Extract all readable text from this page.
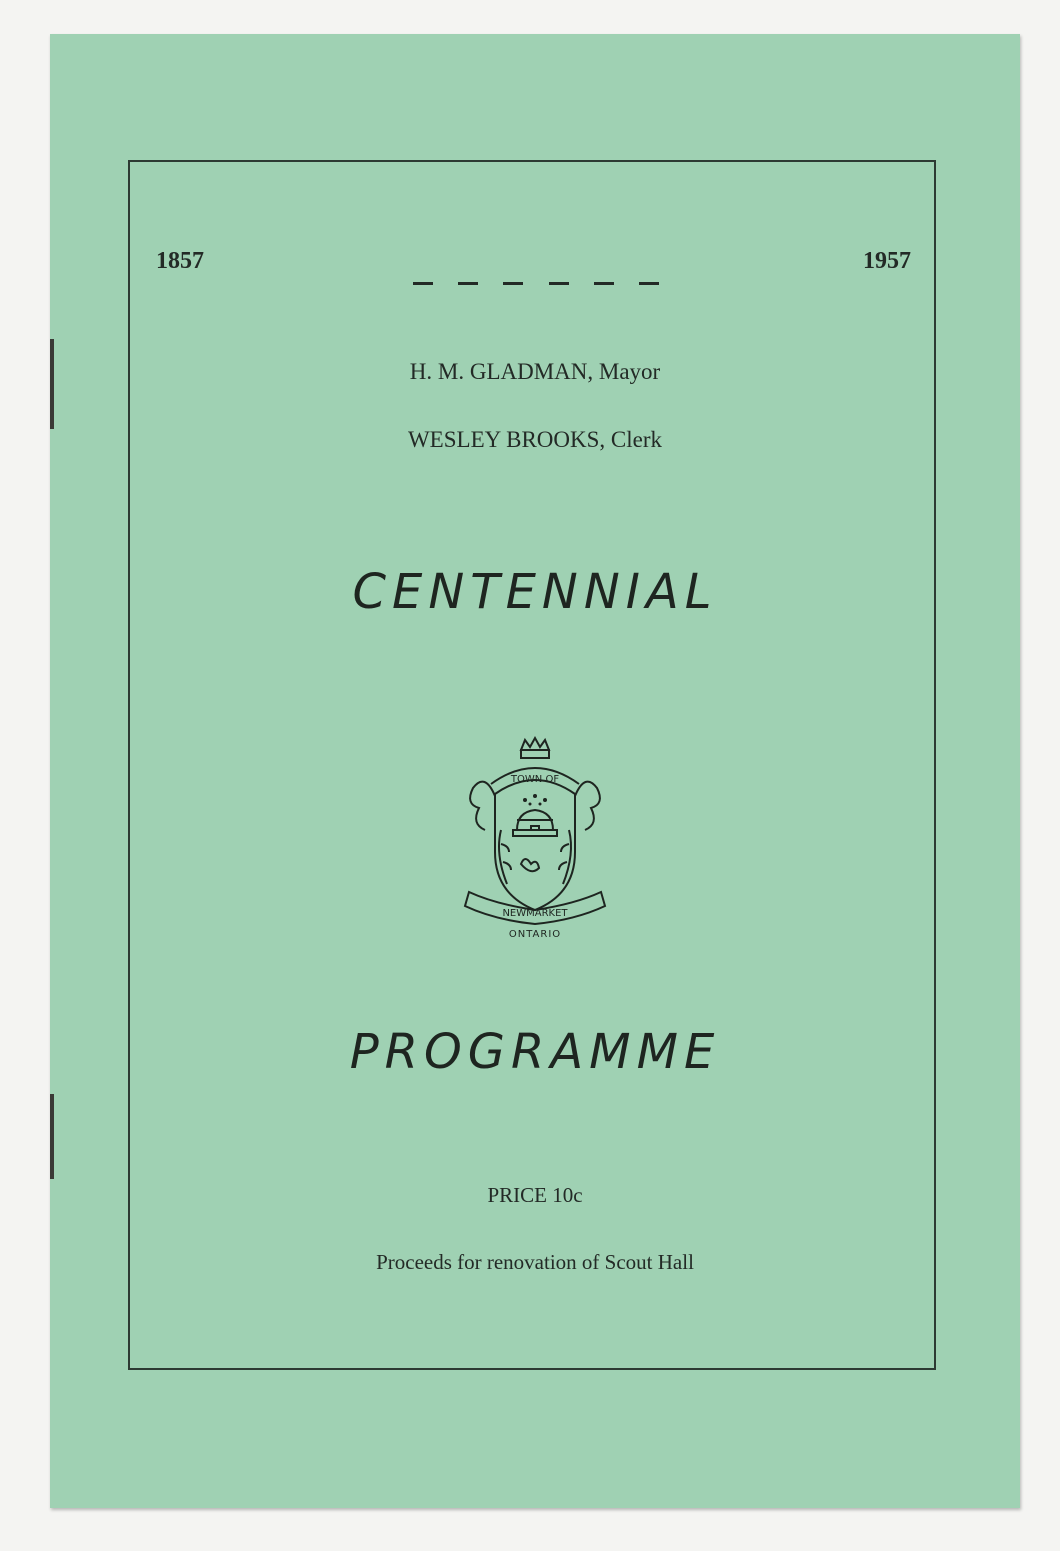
1857	1957
H. M. GLADMAN, Mayor
WESLEY BROOKS, Clerk
CENTENNIAL
TOWN OF
NEWMARKET
ONTARIO
PROGRAMME
PRICE 10c
Proceeds for renovation of Scout Hall
